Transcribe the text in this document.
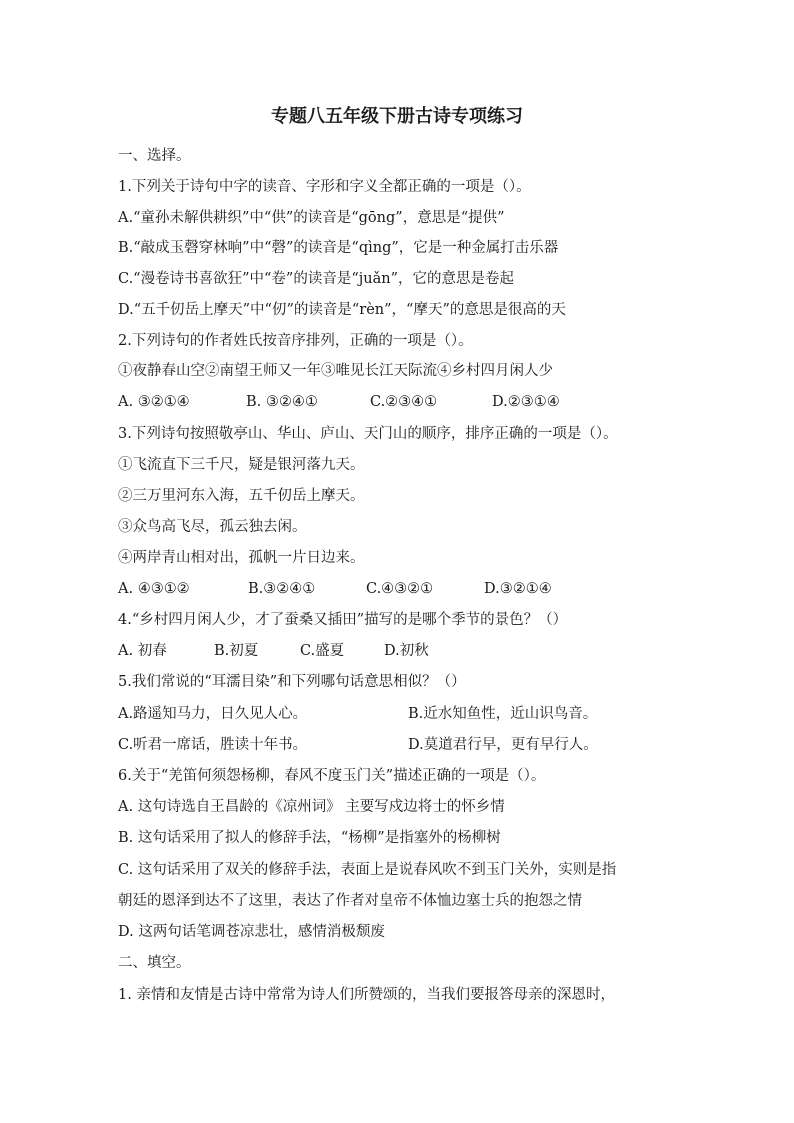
专题八五年级下册古诗专项练习
一、选择。
1.下列关于诗句中字的读音、字形和字义全都正确的一项是（）。
A.“童孙未解供耕织”中“供”的读音是“gōng”，意思是“提供”
B.“敲成玉磬穿林响”中“磬”的读音是“qìng”，它是一种金属打击乐器
C.“漫卷诗书喜欲狂”中“卷”的读音是“juǎn”，它的意思是卷起
D.“五千仞岳上摩天”中“仞”的读音是“rèn”，“摩天”的意思是很高的天
2.下列诗句的作者姓氏按音序排列，正确的一项是（）。
①夜静春山空②南望王师又一年③唯见长江天际流④乡村四月闲人少
A. ③②①④	B. ③②④①	C.②③④①	D.②③①④
3.下列诗句按照敬亭山、华山、庐山、天门山的顺序，排序正确的一项是（）。
①飞流直下三千尺，疑是银河落九天。
②三万里河东入海，五千仞岳上摩天。
③众鸟高飞尽，孤云独去闲。
④两岸青山相对出，孤帆一片日边来。
A. ④③①②	B.③②④①	C.④③②①	D.③②①④
4.“乡村四月闲人少，才了蚕桑又插田”描写的是哪个季节的景色？（）
A. 初春	B.初夏	C.盛夏	D.初秋
5.我们常说的“耳濡目染”和下列哪句话意思相似？（）
A.路遥知马力，日久见人心。	B.近水知鱼性，近山识鸟音。
C.听君一席话，胜读十年书。	D.莫道君行早，更有早行人。
6.关于“羌笛何须怨杨柳，春风不度玉门关”描述正确的一项是（）。
A. 这句诗选自王昌龄的《凉州词》 主要写戍边将士的怀乡情
B. 这句话采用了拟人的修辞手法，“杨柳”是指塞外的杨柳树
C. 这句话采用了双关的修辞手法，表面上是说春风吹不到玉门关外，实则是指
朝廷的恩泽到达不了这里，表达了作者对皇帝不体恤边塞士兵的抱怨之情
D. 这两句话笔调苍凉悲壮，感情消极颓废
二、填空。
1. 亲情和友情是古诗中常常为诗人们所赞颂的，当我们要报答母亲的深恩时，
